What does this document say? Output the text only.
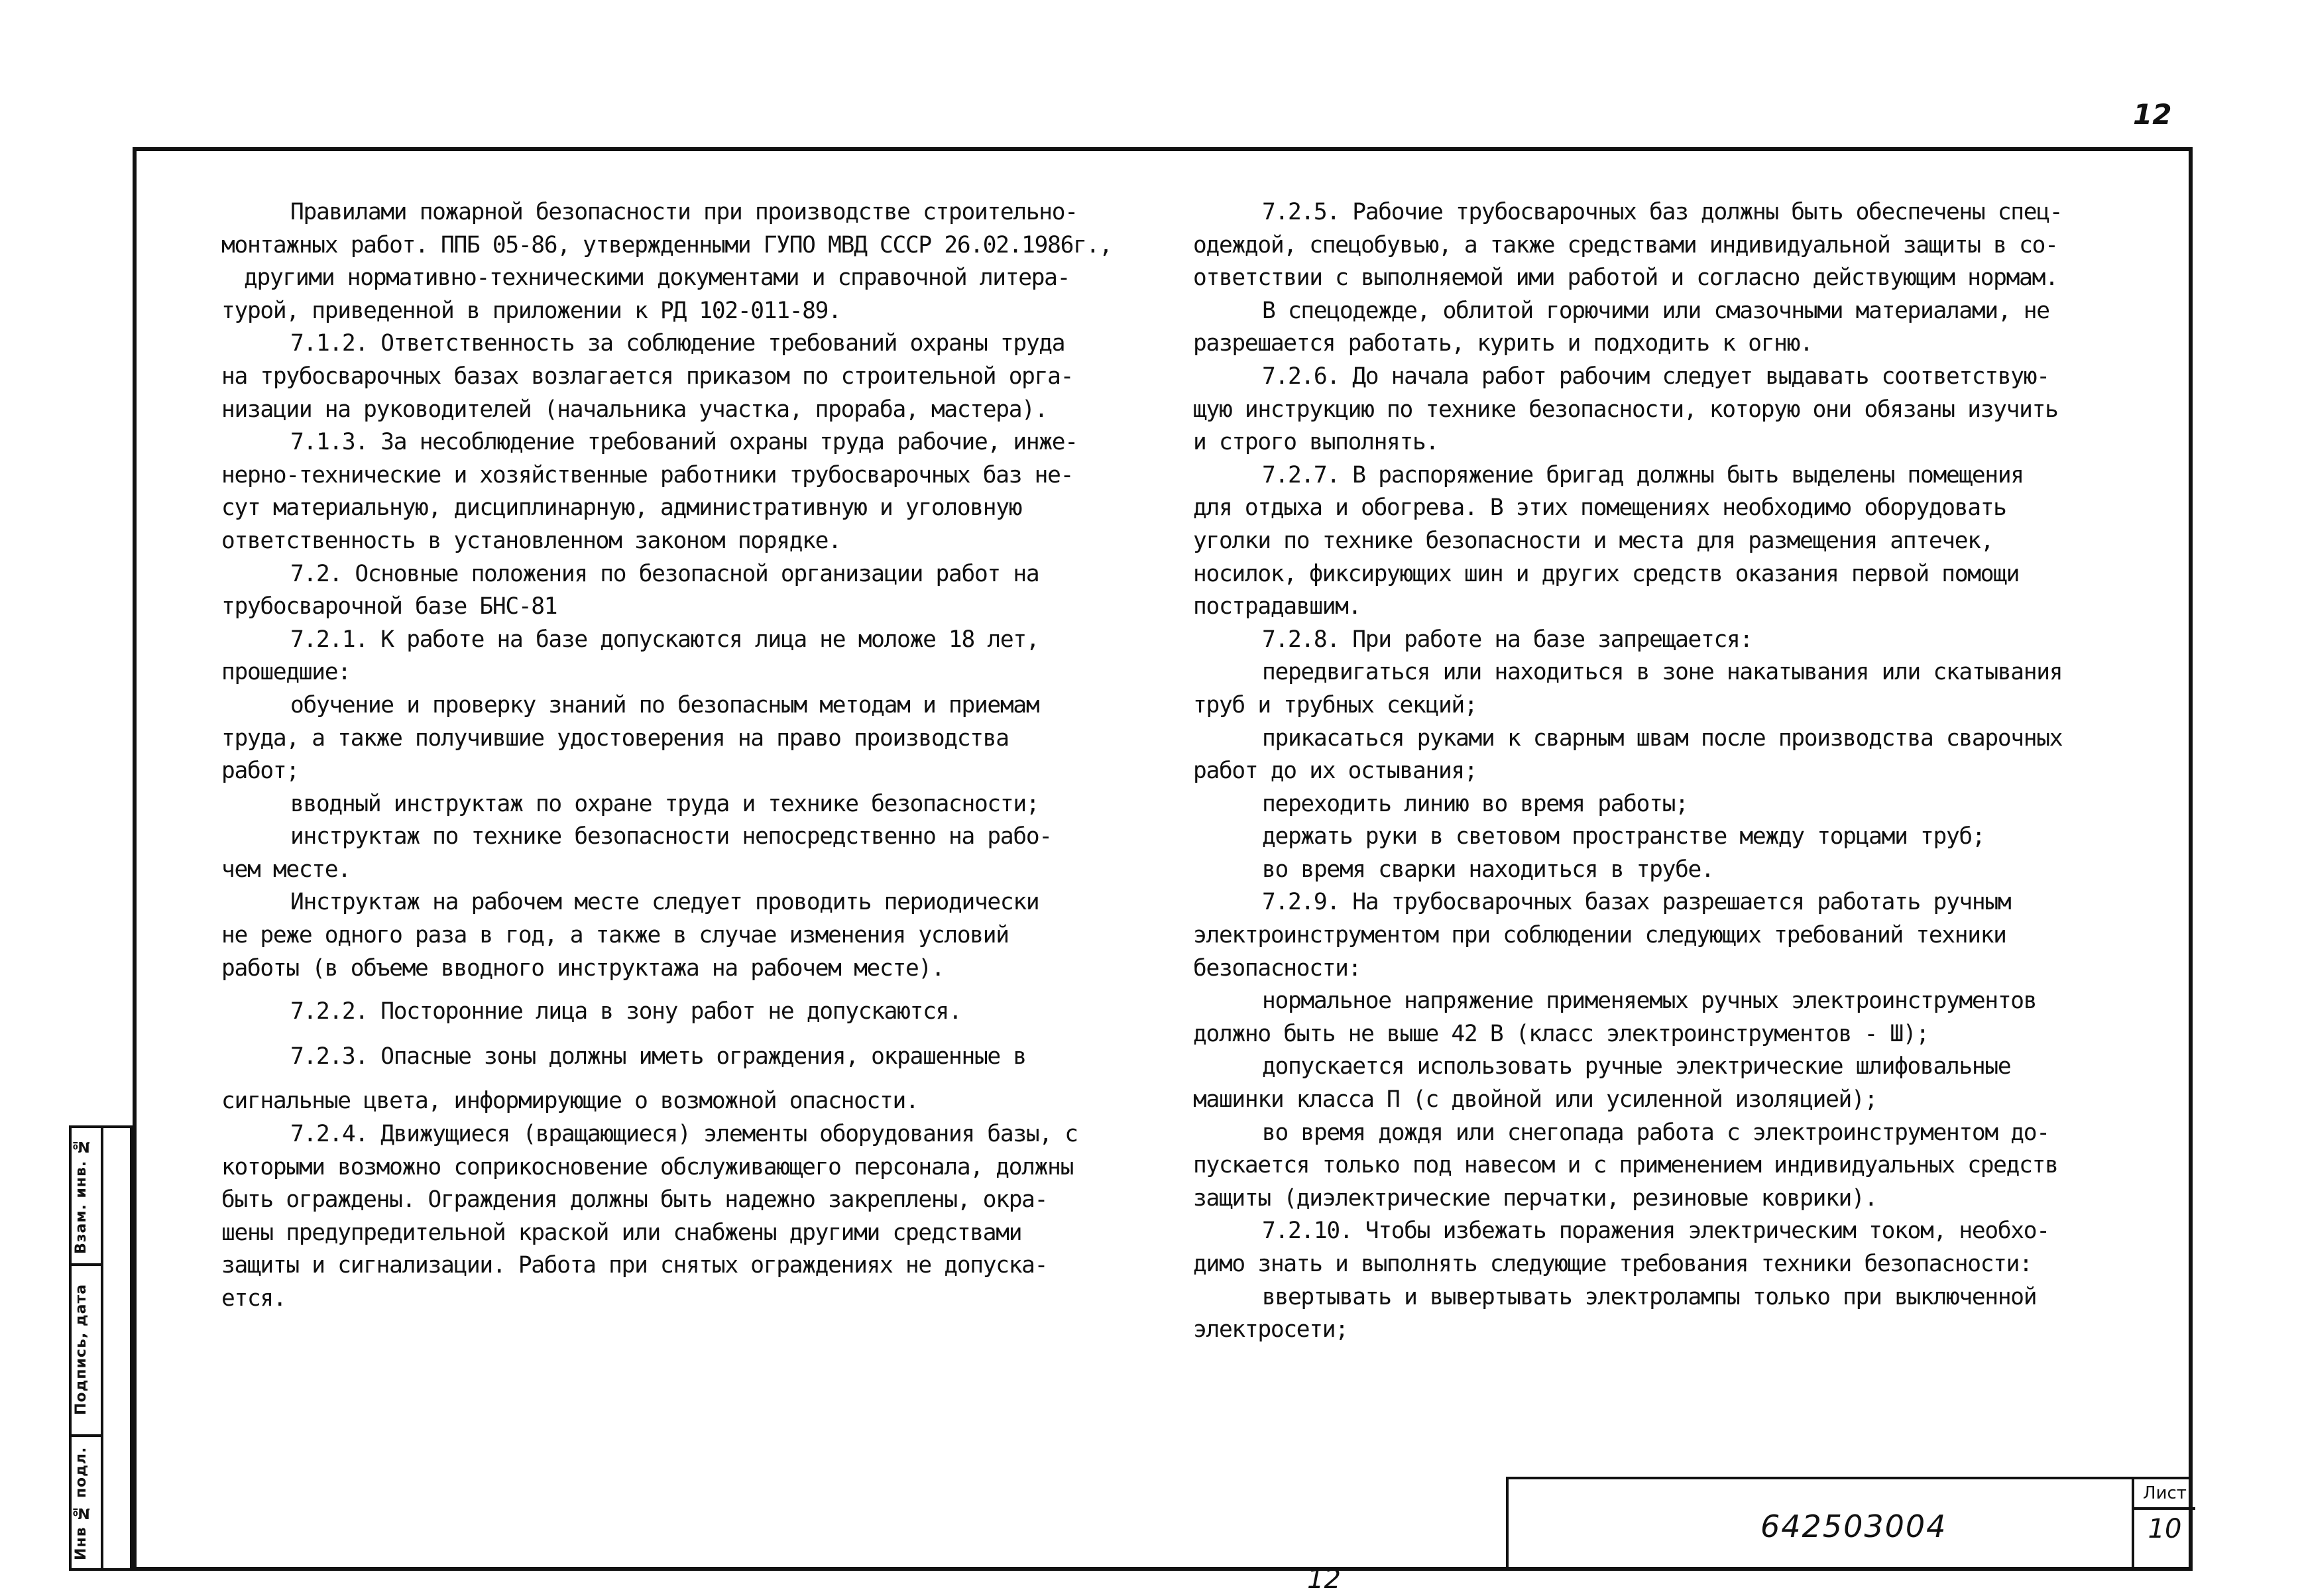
12

Правилами пожарной безопасности при производстве строительно-

монтажных работ. ППБ 05-86, утвержденными ГУПО МВД СССР 26.02.1986г.,

другими нормативно-техническими документами и справочной литера-

турой, приведенной в приложении к РД 102-011-89.

7.1.2. Ответственность за соблюдение требований охраны труда

на трубосварочных базах возлагается приказом по строительной орга-

низации на руководителей (начальника участка, прораба, мастера).

7.1.3. За несоблюдение требований охраны труда рабочие, инже-

нерно-технические и хозяйственные работники трубосварочных баз не-

сут материальную, дисциплинарную, административную и уголовную

ответственность в установленном законом порядке.

7.2. Основные положения по безопасной организации работ на

трубосварочной базе БНС-81

7.2.1. К работе на базе допускаются лица не моложе 18 лет,

прошедшие:

обучение и проверку знаний по безопасным методам и приемам

труда, а также получившие удостоверения на право производства

работ;

вводный инструктаж по охране труда и технике безопасности;

инструктаж по технике безопасности непосредственно на рабо-

чем месте.

Инструктаж на рабочем месте следует проводить периодически

не реже одного раза в год, а также в случае изменения условий

работы (в объеме вводного инструктажа на рабочем месте).

7.2.2. Посторонние лица в зону работ не допускаются.

7.2.3. Опасные зоны должны иметь ограждения, окрашенные в

сигнальные цвета, информирующие о возможной опасности.

7.2.4. Движущиеся (вращающиеся) элементы оборудования базы, с

которыми возможно соприкосновение обслуживающего персонала, должны

быть ограждены. Ограждения должны быть надежно закреплены, окра-

шены предупредительной краской или снабжены другими средствами

защиты и сигнализации. Работа при снятых ограждениях не допуска-

ется.

7.2.5. Рабочие трубосварочных баз должны быть обеспечены спец-

одеждой, спецобувью, а также средствами индивидуальной защиты в со-

ответствии с выполняемой ими работой и согласно действующим нормам.

В спецодежде, облитой горючими или смазочными материалами, не

разрешается работать, курить и подходить к огню.

7.2.6. До начала работ рабочим следует выдавать соответствую-

щую инструкцию по технике безопасности, которую они обязаны изучить

и строго выполнять.

7.2.7. В распоряжение бригад должны быть выделены помещения

для отдыха и обогрева. В этих помещениях необходимо оборудовать

уголки по технике безопасности и места для размещения аптечек,

носилок, фиксирующих шин и других средств оказания первой помощи

пострадавшим.

7.2.8. При работе на базе запрещается:

передвигаться или находиться в зоне накатывания или скатывания

труб и трубных секций;

прикасаться руками к сварным швам после производства сварочных

работ до их остывания;

переходить линию во время работы;

держать руки в световом пространстве между торцами труб;

во время сварки находиться в трубе.

7.2.9. На трубосварочных базах разрешается работать ручным

электроинструментом при соблюдении следующих требований техники

безопасности:

нормальное напряжение применяемых ручных электроинструментов

должно быть не выше 42 В (класс электроинструментов - Ш);

допускается использовать ручные электрические шлифовальные

машинки класса П (с двойной или усиленной изоляцией);

во время дождя или снегопада работа с электроинструментом до-

пускается только под навесом и с применением индивидуальных средств

защиты (диэлектрические перчатки, резиновые коврики).

7.2.10. Чтобы избежать поражения электрическим током, необхо-

димо знать и выполнять следующие требования техники безопасности:

ввертывать и вывертывать электролампы только при выключенной

электросети;

642503004
Лист
10
Взам. инв. №
Подпись, дата
Инв № подл.
12
